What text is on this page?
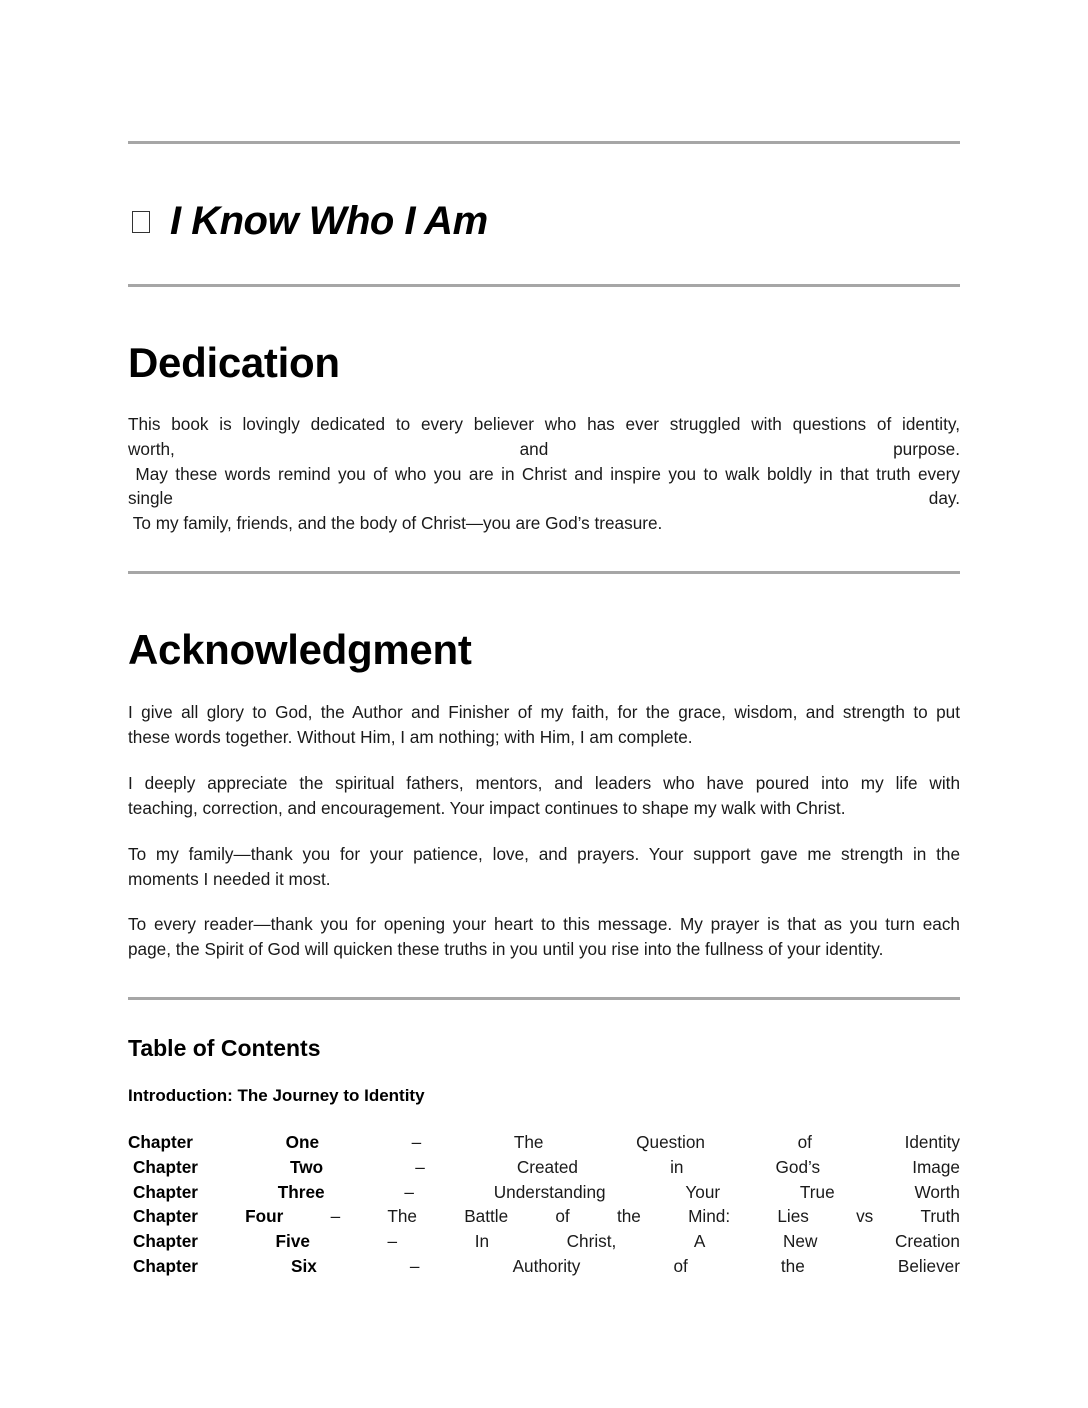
I Know Who I Am
Dedication
This book is lovingly dedicated to every believer who has ever struggled with questions of identity,
worth, and purpose.
May these words remind you of who you are in Christ and inspire you to walk boldly in that truth every
single day.
To my family, friends, and the body of Christ—you are God’s treasure.
Acknowledgment
I give all glory to God, the Author and Finisher of my faith, for the grace, wisdom, and strength to put
these words together. Without Him, I am nothing; with Him, I am complete.
I deeply appreciate the spiritual fathers, mentors, and leaders who have poured into my life with
teaching, correction, and encouragement. Your impact continues to shape my walk with Christ.
To my family—thank you for your patience, love, and prayers. Your support gave me strength in the
moments I needed it most.
To every reader—thank you for opening your heart to this message. My prayer is that as you turn each
page, the Spirit of God will quicken these truths in you until you rise into the fullness of your identity.
Table of Contents
Introduction: The Journey to Identity
Chapter	One	–	The	Question	of	Identity
Chapter	Two	–	Created	in	God’s	Image
Chapter	Three	–	Understanding	Your	True	Worth
Chapter	Four	–	The	Battle	of	the	Mind:	Lies	vs	Truth
Chapter	Five	–	In	Christ,	A	New	Creation
Chapter	Six	–	Authority	of	the	Believer
